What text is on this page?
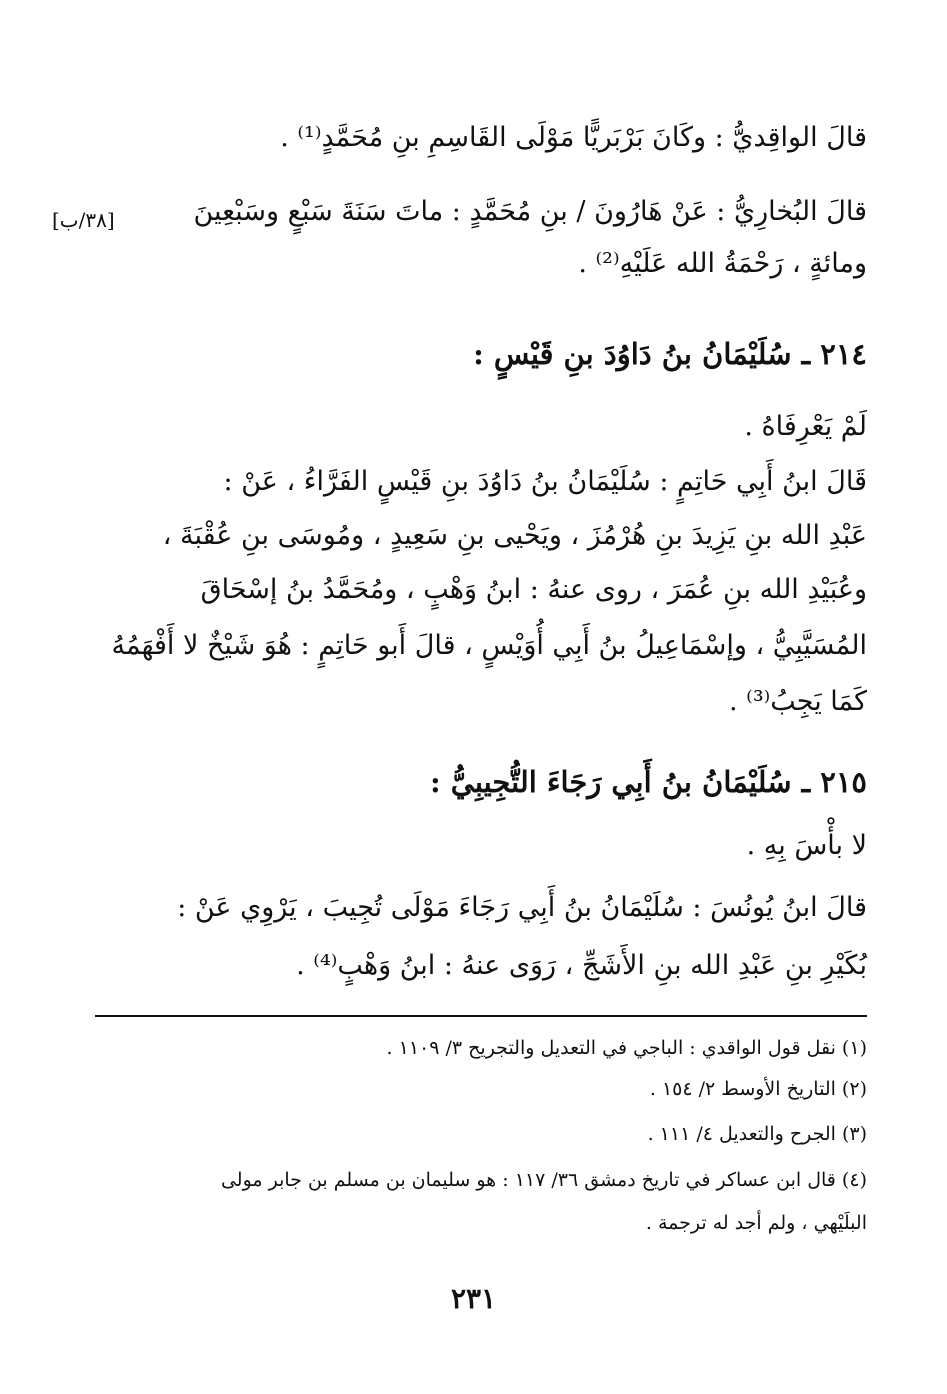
قالَ الواقِديُّ : وكَانَ بَرْبَريًّا مَوْلَى القَاسِمِ بنِ مُحَمَّدٍ⁽¹⁾ .
قالَ البُخارِيُّ : عَنْ هَارُونَ / بنِ مُحَمَّدٍ : ماتَ سَنَةَ سَبْعٍ وسَبْعِينَ
[٣٨/ب]
ومائةٍ ، رَحْمَةُ الله عَلَيْهِ⁽²⁾ .
٢١٤ ـ سُلَيْمَانُ بنُ دَاوُدَ بنِ قَيْسٍ :
لَمْ يَعْرِفَاهُ .
قَالَ ابنُ أَبِي حَاتِمٍ : سُلَيْمَانُ بنُ دَاوُدَ بنِ قَيْسٍ الفَرَّاءُ ، عَنْ :
عَبْدِ الله بنِ يَزِيدَ بنِ هُرْمُزَ ، ويَحْيى بنِ سَعِيدٍ ، ومُوسَى بنِ عُقْبَةَ ،
وعُبَيْدِ الله بنِ عُمَرَ ، روى عنهُ : ابنُ وَهْبٍ ، ومُحَمَّدُ بنُ إسْحَاقَ
المُسَيَّبِيُّ ، وإسْمَاعِيلُ بنُ أَبِي أُوَيْسٍ ، قالَ أَبو حَاتِمٍ : هُوَ شَيْخٌ لا أَفْهَمُهُ
كَمَا يَجِبُ⁽³⁾ .
٢١٥ ـ سُلَيْمَانُ بنُ أَبِي رَجَاءَ التُّجِيبِيُّ :
لا بأْسَ بِهِ .
قالَ ابنُ يُونُسَ : سُلَيْمَانُ بنُ أَبِي رَجَاءَ مَوْلَى تُجِيبَ ، يَرْوِي عَنْ :
بُكَيْرِ بنِ عَبْدِ الله بنِ الأَشَجِّ ، رَوَى عنهُ : ابنُ وَهْبٍ⁽⁴⁾ .
(١) نقل قول الواقدي : الباجي في التعديل والتجريح ٣/ ١١٠٩ .
(٢) التاريخ الأوسط ٢/ ١٥٤ .
(٣) الجرح والتعديل ٤/ ١١١ .
(٤) قال ابن عساكر في تاريخ دمشق ٣٦/ ١١٧ : هو سليمان بن مسلم بن جابر مولى
البلَيْهي ، ولم أجد له ترجمة .
٢٣١
